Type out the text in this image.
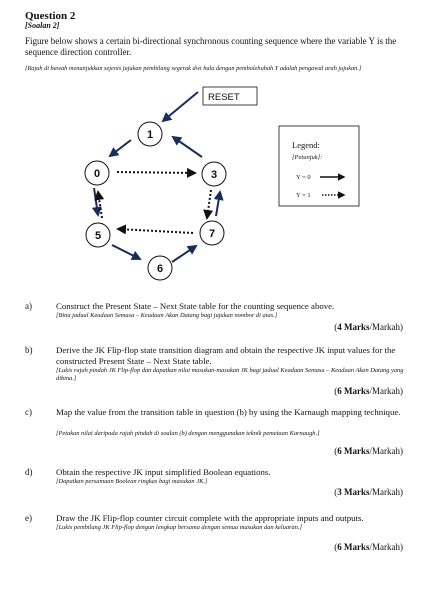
Question 2
[Soalan 2]
Figure below shows a certain bi-directional synchronous counting sequence where the variable Y is the sequence direction controller.
[Rajah di bawah menunjukkan sejenis jujukan pembilang segerak dwi hala dengan pembolehubah Y adalah pengawal arah jujukan.]
RESET
1
0	3
5	7
6
Legend:
[Petunjuk]:
Y = 0
Y = 1
a)	Construct the Present State – Next State table for the counting sequence above.
[Bina jadual Keadaan Semasa – Keadaan Akan Datang bagi jujukan nombor di atas.]
(4 Marks/Markah)
b)	Derive the JK Flip-flop state transition diagram and obtain the respective JK input values for the constructed Present State – Next State table.
[Lukis rajah pindah JK Flip-flop dan dapatkan nilai masukan-masukan JK bagi jadual Keadaan Semasa – Keadaan Akan Datang yang dibina.]
(6 Marks/Markah)
c)	Map the value from the transition table in question (b) by using the Karnaugh mapping technique.
[Petakan nilai daripada rajah pindah di soalan (b) dengan menggunakan teknik pemetaan Karnaugh.]
(6 Marks/Markah)
d)	Obtain the respective JK input simplified Boolean equations.
[Dapatkan persamaan Boolean ringkas bagi masukan JK.]
(3 Marks/Markah)
e)	Draw the JK Flip-flop counter circuit complete with the appropriate inputs and outputs.
[Lukis pembilang JK Flip-flop dengan lengkap bersama dengan semua masukan dan keluaran.]
(6 Marks/Markah)
